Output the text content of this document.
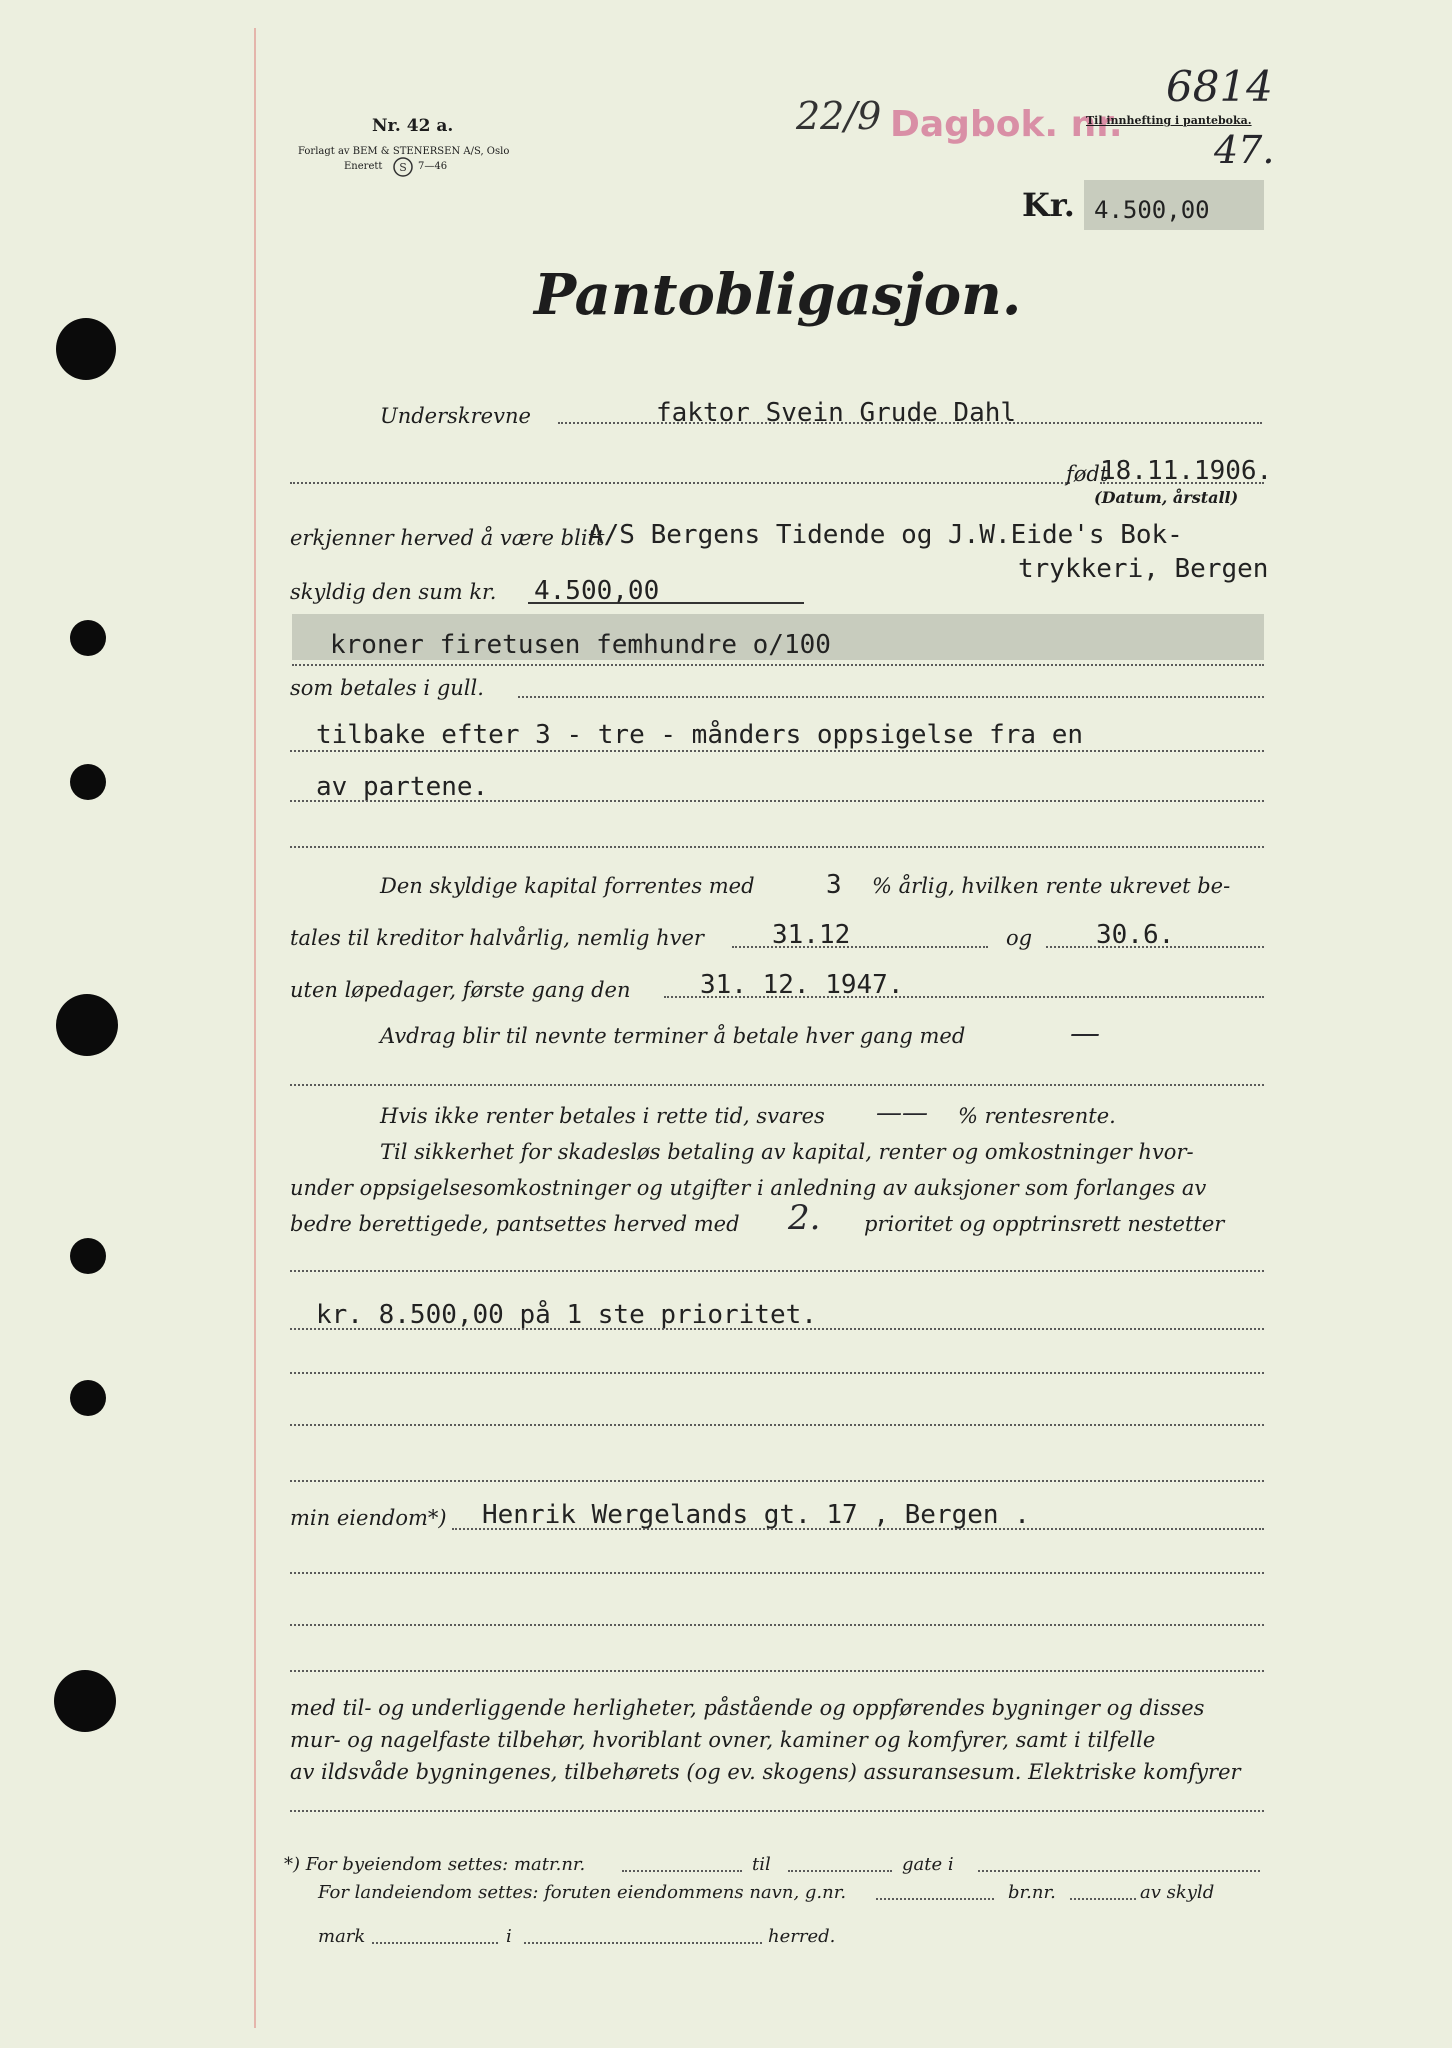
Nr. 42 a.
Forlagt av BEM & STENERSEN A/S, Oslo
Enerett S 7—46
22/9 Dagbok. nr.
Til innhefting i panteboka.
6814
47.
Kr. 4.500,00
Pantobligasjon.
Underskrevne	faktor Svein Grude Dahl
født
18.11.1906.
(Datum, årstall)
erkjenner herved å være blitt
A/S Bergens Tidende og J.W.Eide's Bok-
trykkeri, Bergen
skyldig den sum kr. 4.500,00
kroner firetusen femhundre o/100
som betales i gull.
tilbake efter 3 - tre - månders oppsigelse fra en
av partene.
Den skyldige kapital forrentes med	3 % årlig, hvilken rente ukrevet be-
tales til kreditor halvårlig, nemlig hver	31.12	og 30.6.
uten løpedager, første gang den	31. 12. 1947.
Avdrag blir til nevnte terminer å betale hver gang med	—
Hvis ikke renter betales i rette tid, svares —— % rentesrente.
Til sikkerhet for skadesløs betaling av kapital, renter og omkostninger hvor-
under oppsigelsesomkostninger og utgifter i anledning av auksjoner som forlanges av
bedre berettigede, pantsettes herved med 2. prioritet og opptrinsrett nestetter
kr. 8.500,00 på 1 ste prioritet.
min eiendom*) Henrik Wergelands gt. 17 , Bergen .
med til- og underliggende herligheter, påstående og oppførendes bygninger og disses
mur- og nagelfaste tilbehør, hvoriblant ovner, kaminer og komfyrer, samt i tilfelle
av ildsvåde bygningenes, tilbehørets (og ev. skogens) assuransesum. Elektriske komfyrer
*) For byeiendom settes: matr.nr.	til	gate i
For landeiendom settes: foruten eiendommens navn, g.nr.	br.nr.	av skyld
mark	i	herred.
